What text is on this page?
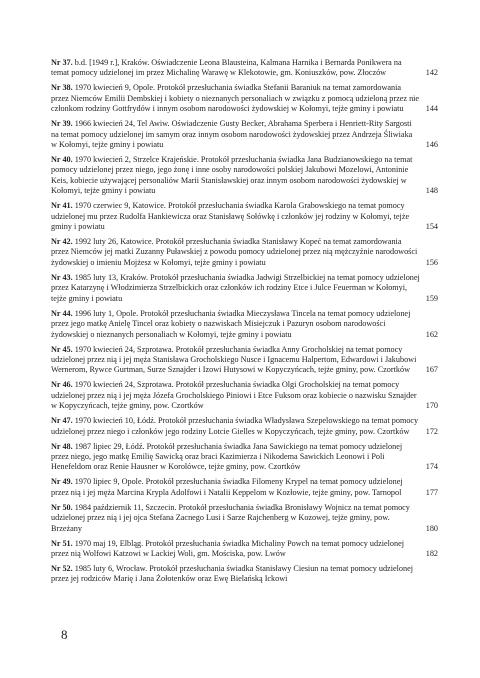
Nr 37. b.d. [1949 r.], Kraków. Oświadczenie Leona Blausteina, Kalmana Harnika i Bernarda Ponikwera na temat pomocy udzielonej im przez Michalinę Warawę w Klekotowie, gm. Koniuszków, pow. Złoczów	142
Nr 38. 1970 kwiecień 9, Opole. Protokół przesłuchania świadka Stefanii Baraniuk na temat zamordowania przez Niemców Emilii Dembskiej i kobiety o nieznanych personaliach w związku z pomocą udzieloną przez nie członkom rodziny Gottfrydów i innym osobom narodowości żydowskiej w Kołomyi, tejże gminy i powiatu	144
Nr 39. 1966 kwiecień 24, Tel Awiw. Oświadczenie Gusty Becker, Abrahama Sperbera i Henriett-Rity Sargosti na temat pomocy udzielonej im samym oraz innym osobom narodowości żydowskiej przez Andrzeja Śliwiaka w Kołomyi, tejże gminy i powiatu	146
Nr 40. 1970 kwiecień 2, Strzelce Krajeńskie. Protokół przesłuchania świadka Jana Budzianowskiego na temat pomocy udzielonej przez niego, jego żonę i inne osoby narodowości polskiej Jakubowi Mozelowi, Antoninie Keis, kobiecie używającej personaliów Marii Stanisławskiej oraz innym osobom narodowości żydowskiej w Kołomyi, tejże gminy i powiatu	148
Nr 41. 1970 czerwiec 9, Katowice. Protokół przesłuchania świadka Karola Grabowskiego na temat pomocy udzielonej mu przez Rudolfa Hankiewicza oraz Stanisławę Sołówkę i członków jej rodziny w Kołomyi, tejże gminy i powiatu	154
Nr 42. 1992 luty 26, Katowice. Protokół przesłuchania świadka Stanisławy Kopeć na temat zamordowania przez Niemców jej matki Zuzanny Puławskiej z powodu pomocy udzielonej przez nią mężczyźnie narodowości żydowskiej o imieniu Mojżesz w Kołomyi, tejże gminy i powiatu	156
Nr 43. 1985 luty 13, Kraków. Protokół przesłuchania świadka Jadwigi Strzelbickiej na temat pomocy udzielonej przez Katarzynę i Włodzimierza Strzelbickich oraz członków ich rodziny Etce i Julce Feuerman w Kołomyi, tejże gminy i powiatu	159
Nr 44. 1996 luty 1, Opole. Protokół przesłuchania świadka Mieczysława Tincela na temat pomocy udzielonej przez jego matkę Anielę Tincel oraz kobiety o nazwiskach Misiejczuk i Pazuryn osobom narodowości żydowskiej o nieznanych personaliach w Kołomyi, tejże gminy i powiatu	162
Nr 45. 1970 kwiecień 24, Szprotawa. Protokół przesłuchania świadka Anny Grocholskiej na temat pomocy udzielonej przez nią i jej męża Stanisława Grocholskiego Nusce i Ignacemu Halpertom, Edwardowi i Jakubowi Wernerom, Rywce Gurtman, Surze Sznajder i Izowi Hutysowi w Kopyczyńcach, tejże gminy, pow. Czortków	167
Nr 46. 1970 kwiecień 24, Szprotawa. Protokół przesłuchania świadka Olgi Grocholskiej na temat pomocy udzielonej przez nią i jej męża Józefa Grocholskiego Piniowi i Etce Fuksom oraz kobiecie o nazwisku Sznajder w Kopyczyńcach, tejże gminy, pow. Czortków	170
Nr 47. 1970 kwiecień 10, Łódź. Protokół przesłuchania świadka Władysława Szepelowskiego na temat pomocy udzielonej przez niego i członków jego rodziny Lotcie Gielles w Kopyczyńcach, tejże gminy, pow. Czortków	172
Nr 48. 1987 lipiec 29, Łódź. Protokół przesłuchania świadka Jana Sawickiego na temat pomocy udzielonej przez niego, jego matkę Emilię Sawicką oraz braci Kazimierza i Nikodema Sawickich Leonowi i Poli Henefeldom oraz Renie Hausner w Korolówce, tejże gminy, pow. Czortków	174
Nr 49. 1970 lipiec 9, Opole. Protokół przesłuchania świadka Filomeny Krypel na temat pomocy udzielonej przez nią i jej męża Marcina Krypla Adolfowi i Natalii Keppelom w Kozłowie, tejże gminy, pow. Tarnopol	177
Nr 50. 1984 październik 11, Szczecin. Protokół przesłuchania świadka Bronisławy Wojnicz na temat pomocy udzielonej przez nią i jej ojca Stefana Zacnego Lusi i Sarze Rajchenberg w Kozowej, tejże gminy, pow. Brzeżany	180
Nr 51. 1970 maj 19, Elbląg. Protokół przesłuchania świadka Michaliny Powch na temat pomocy udzielonej przez nią Wolfowi Katzowi w Lackiej Woli, gm. Mościska, pow. Lwów	182
Nr 52. 1985 luty 6, Wrocław. Protokół przesłuchania świadka Stanisławy Ciesiun na temat pomocy udzielonej przez jej rodziców Marię i Jana Żołotenków oraz Ewę Bielańską Ickowi
8
